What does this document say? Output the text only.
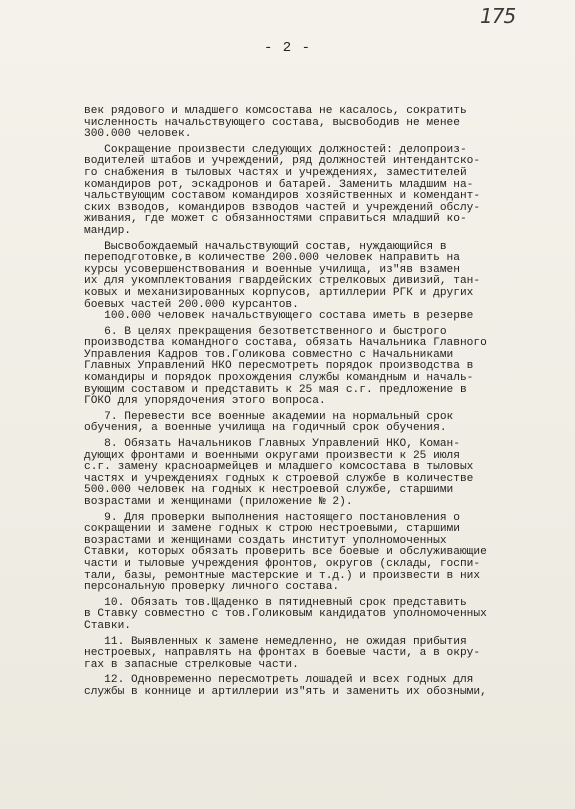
175
- 2 -
век рядового и младшего комсостава не касалось, сократить
численность начальствующего состава, высвободив не менее
300.000 человек.
Сокращение произвести следующих должностей: делопроиз-
водителей штабов и учреждений, ряд должностей интендантско-
го снабжения в тыловых частях и учреждениях, заместителей
командиров рот, эскадронов и батарей. Заменить младшим на-
чальствующим составом командиров хозяйственных и комендант-
ских взводов, командиров взводов частей и учреждений обслу-
живания, где может с обязанностями справиться младший ко-
мандир.
Высвобождаемый начальствующий состав, нуждающийся в
переподготовке,в количестве 200.000 человек направить на
курсы усовершенствования и военные училища, из"яв взамен
их для укомплектования гвардейских стрелковых дивизий, тан-
ковых и механизированных корпусов, артиллерии РГК и других
боевых частей 200.000 курсантов.
100.000 человек начальствующего состава иметь в резерве
6. В целях прекращения безответственного и быстрого
производства командного состава, обязать Начальника Главного
Управления Кадров тов.Голикова совместно с Начальниками
Главных Управлений НКО пересмотреть порядок производства в
командиры и порядок прохождения службы командным и началь-
вующим составом и представить к 25 мая с.г. предложение в
ГОКО для упорядочения этого вопроса.
7. Перевести все военные академии на нормальный срок
обучения, а военные училища на годичный срок обучения.
8. Обязать Начальников Главных Управлений НКО, Коман-
дующих фронтами и военными округами произвести к 25 июля
с.г. замену красноармейцев и младшего комсостава в тыловых
частях и учреждениях годных к строевой службе в количестве
500.000 человек на годных к нестроевой службе, старшими
возрастами и женщинами (приложение № 2).
9. Для проверки выполнения настоящего постановления о
сокращении и замене годных к строю нестроевыми, старшими
возрастами и женщинами создать институт уполномоченных
Ставки, которых обязать проверить все боевые и обслуживающие
части и тыловые учреждения фронтов, округов (склады, госпи-
тали, базы, ремонтные мастерские и т.д.) и произвести в них
персональную проверку личного состава.
10. Обязать тов.Щаденко в пятидневный срок представить
в Ставку совместно с тов.Голиковым кандидатов уполномоченных
Ставки.
11. Выявленных к замене немедленно, не ожидая прибытия
нестроевых, направлять на фронтах в боевые части, а в окру-
гах в запасные стрелковые части.
12. Одновременно пересмотреть лошадей и всех годных для
службы в коннице и артиллерии из"ять и заменить их обозными,
